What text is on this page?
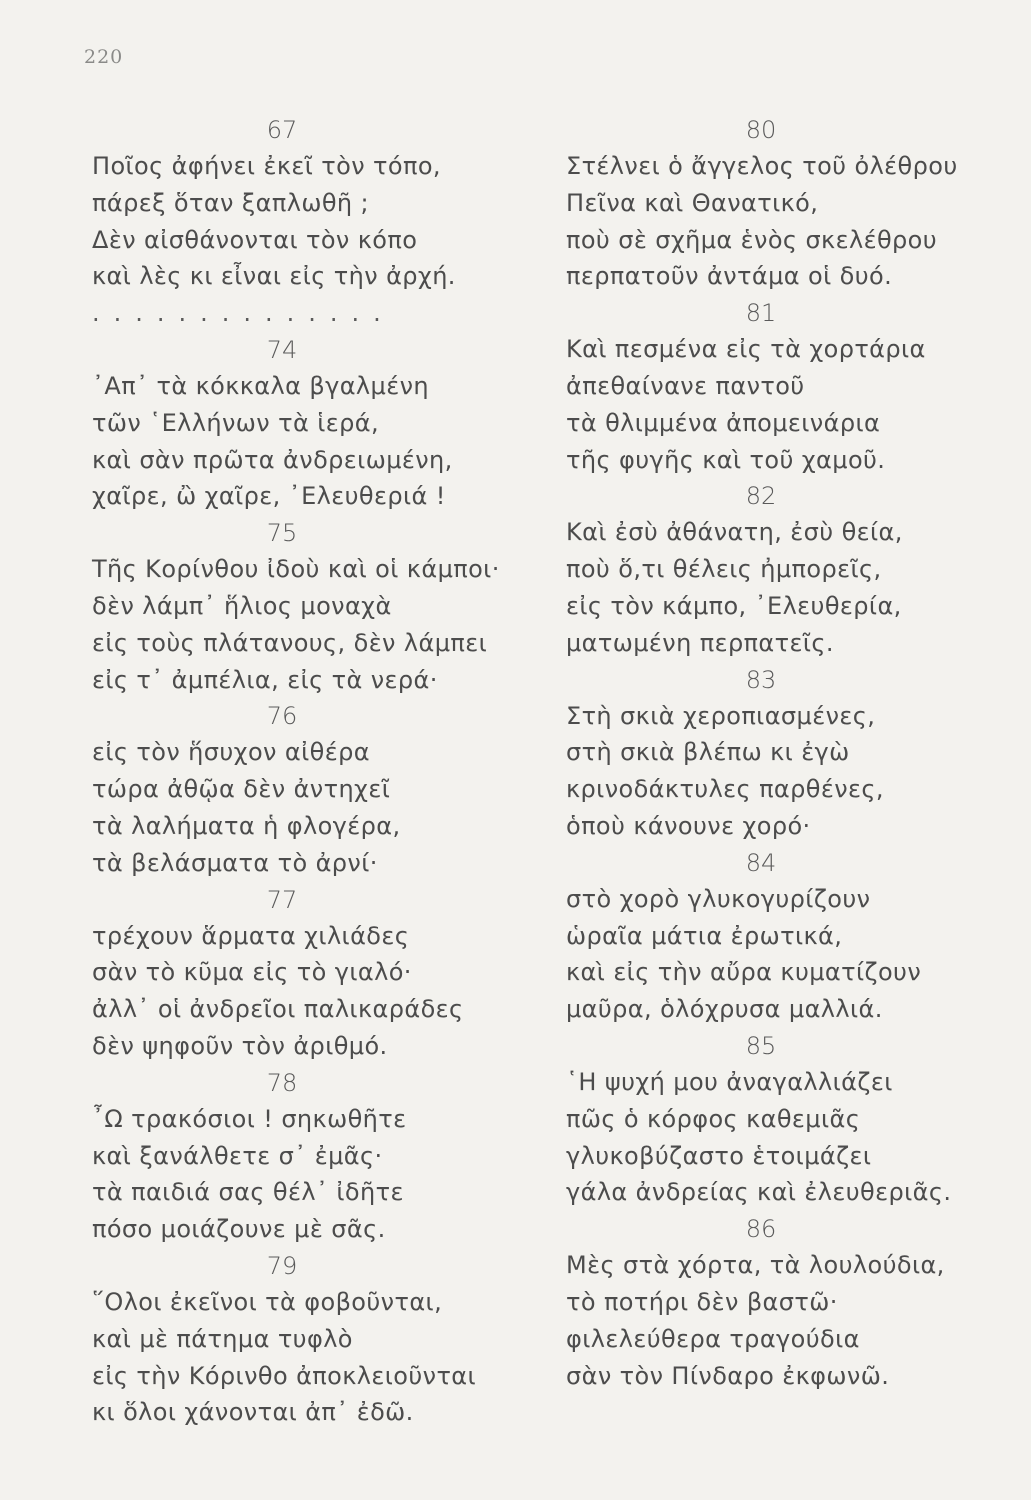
220
67
Ποῖος ἀφήνει ἐκεῖ τὸν τόπο,
πάρεξ ὅταν ξαπλωθῆ ;
Δὲν αἰσθάνονται τὸν κόπο
καὶ λὲς κι εἶναι εἰς τὴν ἀρχή.
..............
74
᾿Απ᾿ τὰ κόκκαλα βγαλμένη
τῶν ῾Ελλήνων τὰ ἱερά,
καὶ σὰν πρῶτα ἀνδρειωμένη,
χαῖρε, ὢ χαῖρε, ᾿Ελευθεριά !
75
Τῆς Κορίνθου ἰδοὺ καὶ οἱ κάμποι·
δὲν λάμπ᾿ ἥλιος μοναχὰ
εἰς τοὺς πλάτανους, δὲν λάμπει
εἰς τ᾿ ἀμπέλια, εἰς τὰ νερά·
76
εἰς τὸν ἥσυχον αἰθέρα
τώρα ἀθῷα δὲν ἀντηχεῖ
τὰ λαλήματα ἡ φλογέρα,
τὰ βελάσματα τὸ ἀρνί·
77
τρέχουν ἅρματα χιλιάδες
σὰν τὸ κῦμα εἰς τὸ γιαλό·
ἀλλ᾿ οἱ ἀνδρεῖοι παλικαράδες
δὲν ψηφοῦν τὸν ἀριθμό.
78
῏Ω τρακόσιοι ! σηκωθῆτε
καὶ ξανάλθετε σ᾿ ἐμᾶς·
τὰ παιδιά σας θέλ᾿ ἰδῆτε
πόσο μοιάζουνε μὲ σᾶς.
79
῞Ολοι ἐκεῖνοι τὰ φοβοῦνται,
καὶ μὲ πάτημα τυφλὸ
εἰς τὴν Κόρινθο ἀποκλειοῦνται
κι ὅλοι χάνονται ἀπ᾿ ἐδῶ.
80
Στέλνει ὁ ἄγγελος τοῦ ὀλέθρου
Πεῖνα καὶ Θανατικό,
ποὺ σὲ σχῆμα ἑνὸς σκελέθρου
περπατοῦν ἀντάμα οἱ δυό.
81
Καὶ πεσμένα εἰς τὰ χορτάρια
ἀπεθαίνανε παντοῦ
τὰ θλιμμένα ἀπομεινάρια
τῆς φυγῆς καὶ τοῦ χαμοῦ.
82
Καὶ ἐσὺ ἀθάνατη, ἐσὺ θεία,
ποὺ ὅ,τι θέλεις ἠμπορεῖς,
εἰς τὸν κάμπο, ᾿Ελευθερία,
ματωμένη περπατεῖς.
83
Στὴ σκιὰ χεροπιασμένες,
στὴ σκιὰ βλέπω κι ἐγὼ
κρινοδάκτυλες παρθένες,
ὁποὺ κάνουνε χορό·
84
στὸ χορὸ γλυκογυρίζουν
ὡραῖα μάτια ἐρωτικά,
καὶ εἰς τὴν αὔρα κυματίζουν
μαῦρα, ὁλόχρυσα μαλλιά.
85
῾Η ψυχή μου ἀναγαλλιάζει
πῶς ὁ κόρφος καθεμιᾶς
γλυκοβύζαστο ἑτοιμάζει
γάλα ἀνδρείας καὶ ἐλευθεριᾶς.
86
Μὲς στὰ χόρτα, τὰ λουλούδια,
τὸ ποτήρι δὲν βαστῶ·
φιλελεύθερα τραγούδια
σὰν τὸν Πίνδαρο ἐκφωνῶ.
